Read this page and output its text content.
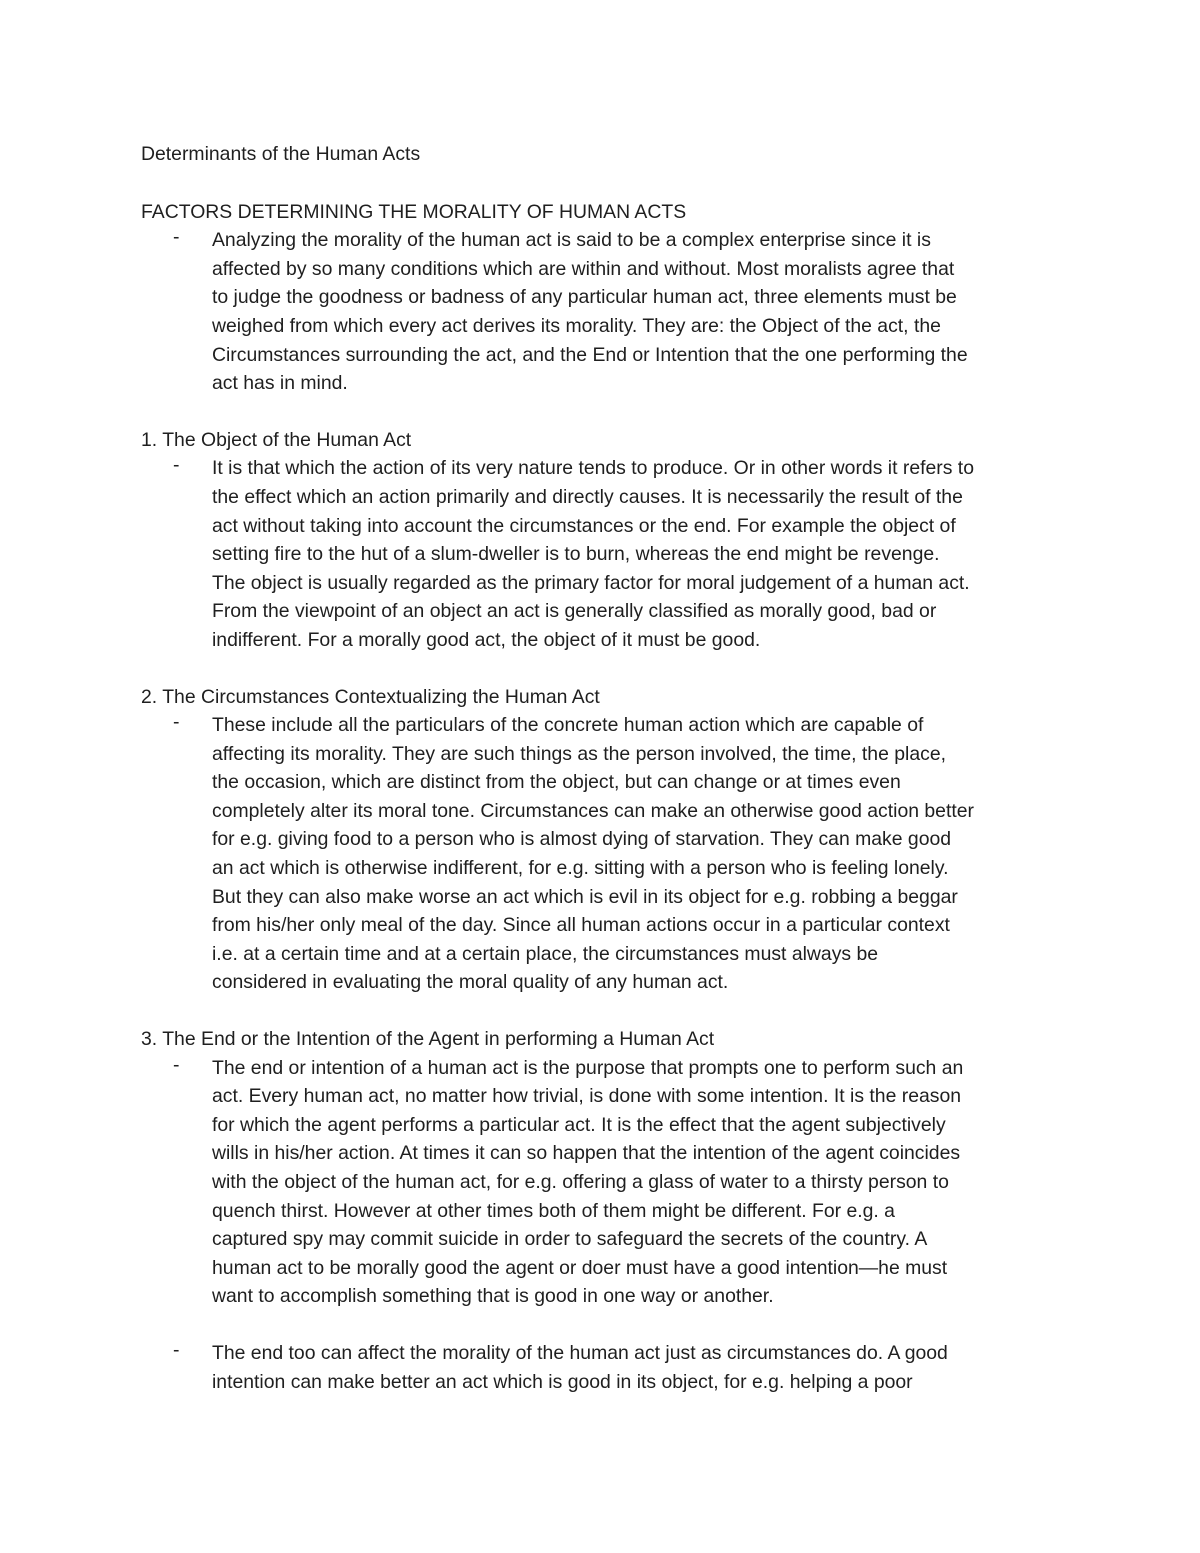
Determinants of the Human Acts
FACTORS DETERMINING THE MORALITY OF HUMAN ACTS
- Analyzing the morality of the human act is said to be a complex enterprise since it is
affected by so many conditions which are within and without. Most moralists agree that
to judge the goodness or badness of any particular human act, three elements must be
weighed from which every act derives its morality. They are: the Object of the act, the
Circumstances surrounding the act, and the End or Intention that the one performing the
act has in mind.
1. The Object of the Human Act
- It is that which the action of its very nature tends to produce. Or in other words it refers to
the effect which an action primarily and directly causes. It is necessarily the result of the
act without taking into account the circumstances or the end. For example the object of
setting fire to the hut of a slum-dweller is to burn, whereas the end might be revenge.
The object is usually regarded as the primary factor for moral judgement of a human act.
From the viewpoint of an object an act is generally classified as morally good, bad or
indifferent. For a morally good act, the object of it must be good.
2. The Circumstances Contextualizing the Human Act
- These include all the particulars of the concrete human action which are capable of
affecting its morality. They are such things as the person involved, the time, the place,
the occasion, which are distinct from the object, but can change or at times even
completely alter its moral tone. Circumstances can make an otherwise good action better
for e.g. giving food to a person who is almost dying of starvation. They can make good
an act which is otherwise indifferent, for e.g. sitting with a person who is feeling lonely.
But they can also make worse an act which is evil in its object for e.g. robbing a beggar
from his/her only meal of the day. Since all human actions occur in a particular context
i.e. at a certain time and at a certain place, the circumstances must always be
considered in evaluating the moral quality of any human act.
3. The End or the Intention of the Agent in performing a Human Act
- The end or intention of a human act is the purpose that prompts one to perform such an
act. Every human act, no matter how trivial, is done with some intention. It is the reason
for which the agent performs a particular act. It is the effect that the agent subjectively
wills in his/her action. At times it can so happen that the intention of the agent coincides
with the object of the human act, for e.g. offering a glass of water to a thirsty person to
quench thirst. However at other times both of them might be different. For e.g. a
captured spy may commit suicide in order to safeguard the secrets of the country. A
human act to be morally good the agent or doer must have a good intention—he must
want to accomplish something that is good in one way or another.
- The end too can affect the morality of the human act just as circumstances do. A good
intention can make better an act which is good in its object, for e.g. helping a poor
